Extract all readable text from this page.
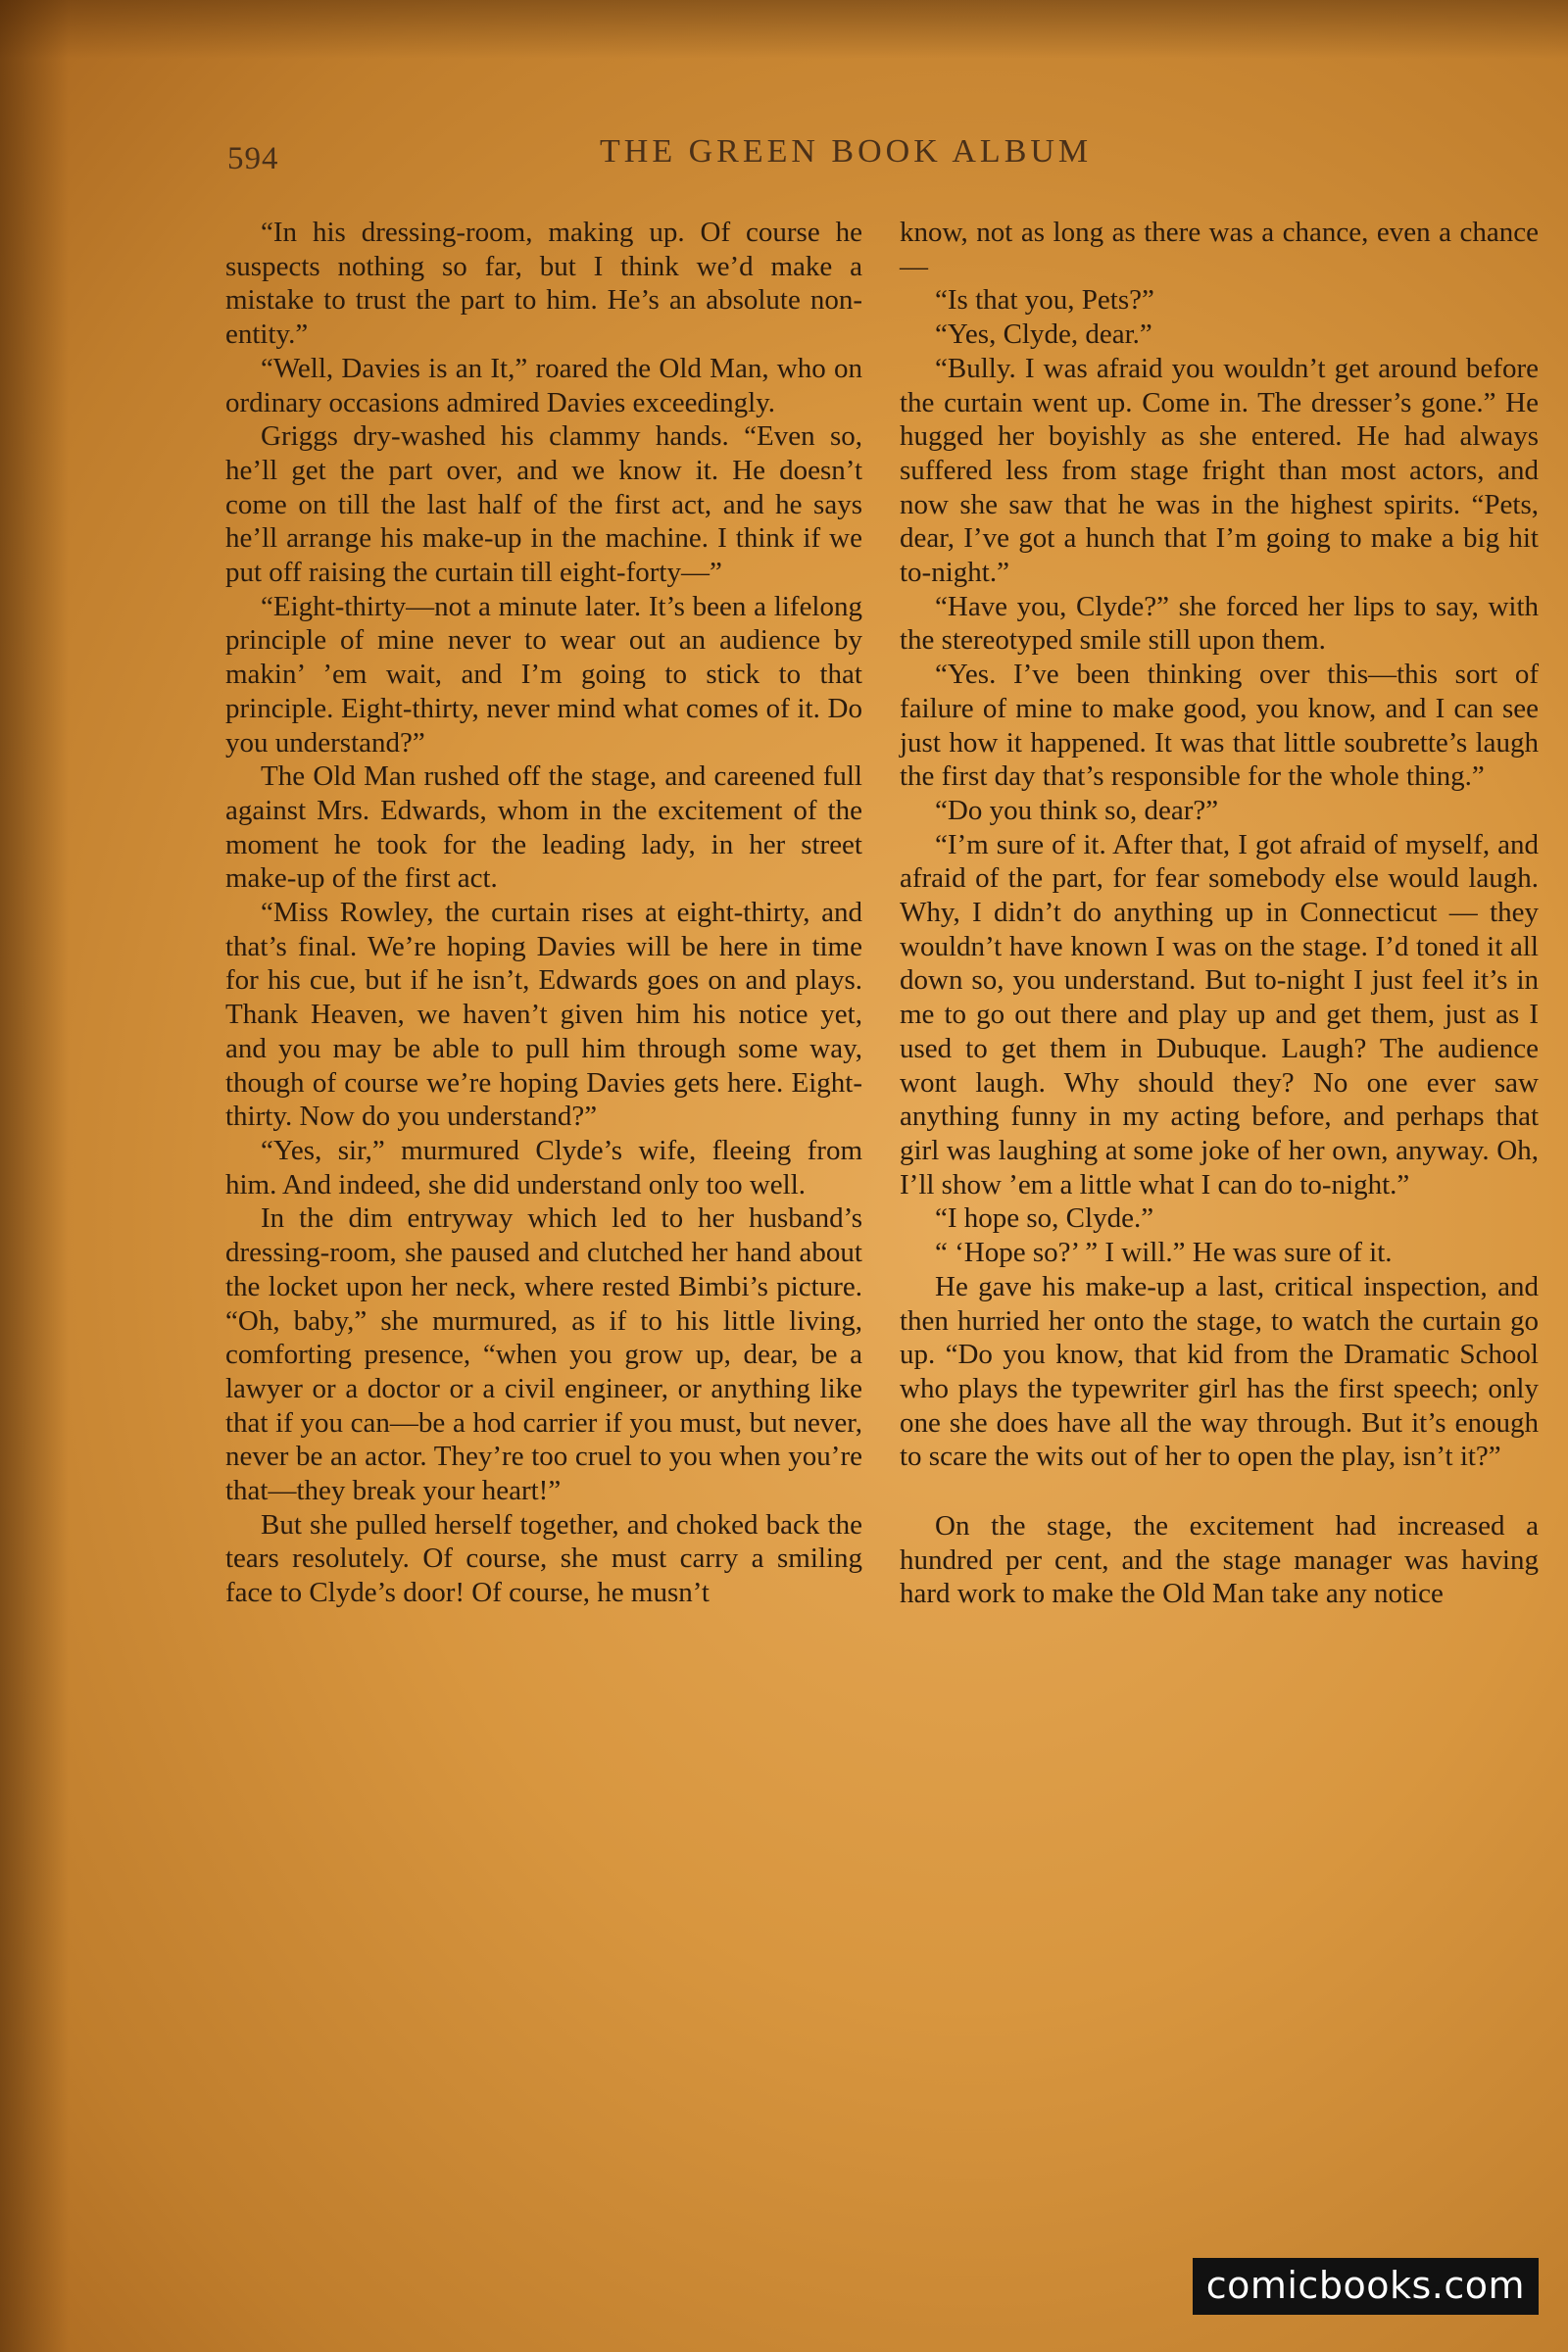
594	THE GREEN BOOK ALBUM

“In his dressing-room, making up. Of course he suspects nothing so far, but I think we’d make a mistake to trust the part to him. He’s an absolute non-entity.”

“Well, Davies is an It,” roared the Old Man, who on ordinary occasions admired Davies exceedingly.

Griggs dry-washed his clammy hands. “Even so, he’ll get the part over, and we know it. He doesn’t come on till the last half of the first act, and he says he’ll arrange his make-up in the machine. I think if we put off raising the curtain till eight-forty—”

“Eight-thirty—not a minute later. It’s been a lifelong principle of mine never to wear out an audience by makin’ ’em wait, and I’m going to stick to that principle. Eight-thirty, never mind what comes of it. Do you understand?”

The Old Man rushed off the stage, and careened full against Mrs. Edwards, whom in the excitement of the moment he took for the leading lady, in her street make-up of the first act.

“Miss Rowley, the curtain rises at eight-thirty, and that’s final. We’re hoping Davies will be here in time for his cue, but if he isn’t, Edwards goes on and plays. Thank Heaven, we haven’t given him his notice yet, and you may be able to pull him through some way, though of course we’re hoping Davies gets here. Eight-thirty. Now do you understand?”

“Yes, sir,” murmured Clyde’s wife, fleeing from him. And indeed, she did understand only too well.

In the dim entryway which led to her husband’s dressing-room, she paused and clutched her hand about the locket upon her neck, where rested Bimbi’s picture. “Oh, baby,” she murmured, as if to his little living, comforting presence, “when you grow up, dear, be a lawyer or a doctor or a civil engineer, or anything like that if you can—be a hod carrier if you must, but never, never be an actor. They’re too cruel to you when you’re that—they break your heart!”

But she pulled herself together, and choked back the tears resolutely. Of course, she must carry a smiling face to Clyde’s door! Of course, he musn’t

know, not as long as there was a chance, even a chance—

“Is that you, Pets?”

“Yes, Clyde, dear.”

“Bully. I was afraid you wouldn’t get around before the curtain went up. Come in. The dresser’s gone.” He hugged her boyishly as she entered. He had always suffered less from stage fright than most actors, and now she saw that he was in the highest spirits. “Pets, dear, I’ve got a hunch that I’m going to make a big hit to-night.”

“Have you, Clyde?” she forced her lips to say, with the stereotyped smile still upon them.

“Yes. I’ve been thinking over this—this sort of failure of mine to make good, you know, and I can see just how it happened. It was that little soubrette’s laugh the first day that’s responsible for the whole thing.”

“Do you think so, dear?”

“I’m sure of it. After that, I got afraid of myself, and afraid of the part, for fear somebody else would laugh. Why, I didn’t do anything up in Connecticut — they wouldn’t have known I was on the stage. I’d toned it all down so, you understand. But to-night I just feel it’s in me to go out there and play up and get them, just as I used to get them in Dubuque. Laugh? The audience wont laugh. Why should they? No one ever saw anything funny in my acting before, and perhaps that girl was laughing at some joke of her own, anyway. Oh, I’ll show ’em a little what I can do to-night.”

“I hope so, Clyde.”

“ ‘Hope so?’ ” I will.” He was sure of it.

He gave his make-up a last, critical inspection, and then hurried her onto the stage, to watch the curtain go up. “Do you know, that kid from the Dramatic School who plays the typewriter girl has the first speech; only one she does have all the way through. But it’s enough to scare the wits out of her to open the play, isn’t it?”

On the stage, the excitement had increased a hundred per cent, and the stage manager was having hard work to make the Old Man take any notice

comicbooks.com
